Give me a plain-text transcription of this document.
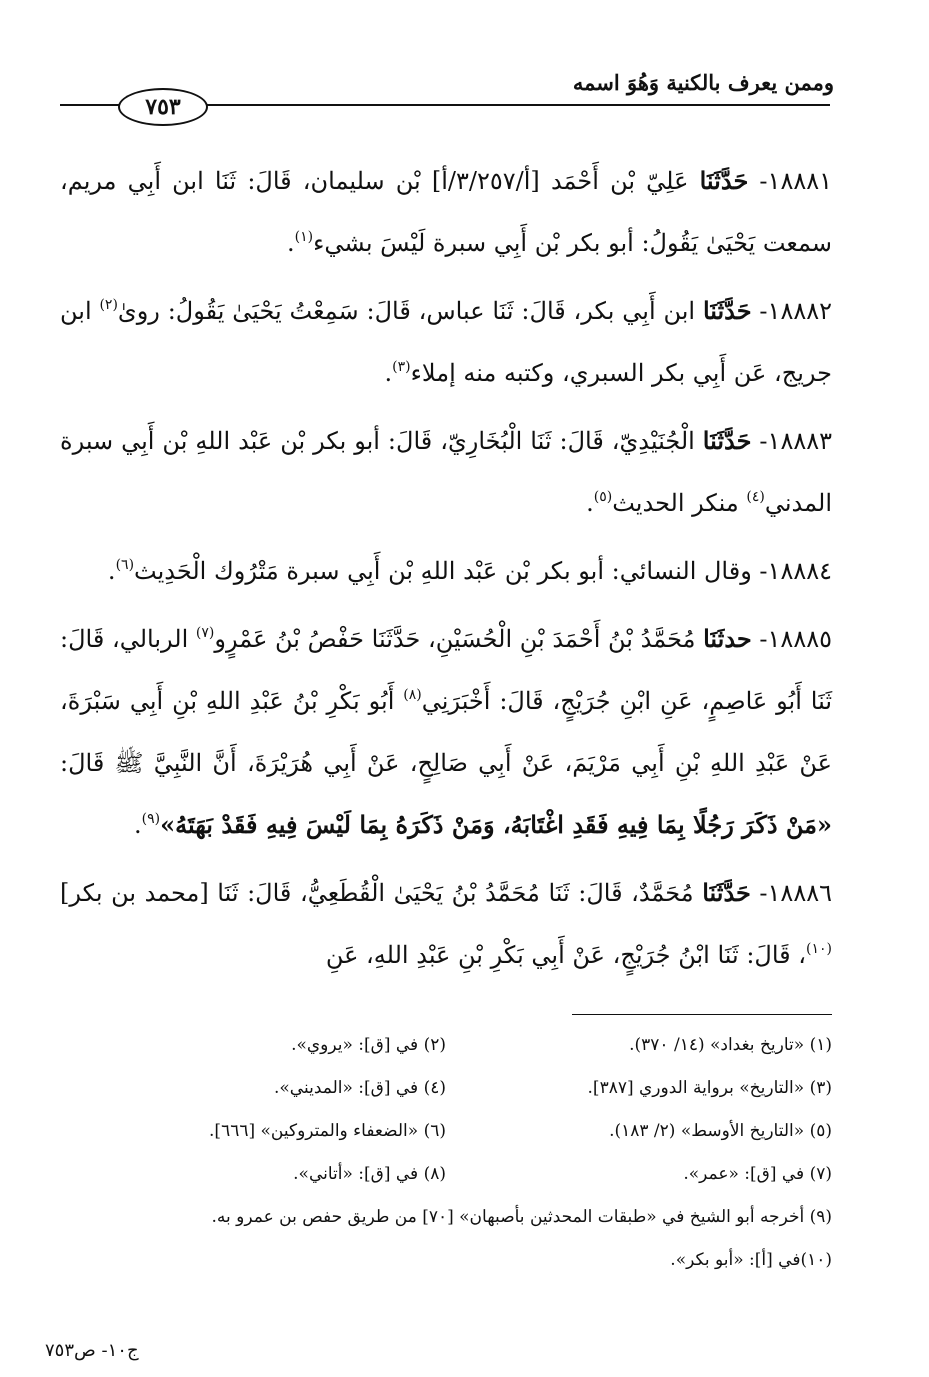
وممن يعرف بالكنية وَهُوَ اسمه
٧٥٣

١٨٨٨١- حَدَّثَنَا عَلِيّ بْن أَحْمَد [أ/٣/٢٥٧/أ] بْن سليمان، قَالَ: ثَنَا ابن أَبِي مريم، سمعت يَحْيَىٰ يَقُولُ: أبو بكر بْن أَبِي سبرة لَيْسَ بشيء$^{(١)}$.

١٨٨٨٢- حَدَّثَنَا ابن أَبِي بكر، قَالَ: ثَنَا عباس، قَالَ: سَمِعْتُ يَحْيَىٰ يَقُولُ: روىٰ$^{(٢)}$ ابن جريج، عَن أَبِي بكر السبري، وكتبه منه إملاء$^{(٣)}$.

١٨٨٨٣- حَدَّثَنَا الْجُنَيْدِيّ، قَالَ: ثَنَا الْبُخَارِيّ، قَالَ: أبو بكر بْن عَبْد اللهِ بْن أَبِي سبرة المدني$^{(٤)}$ منكر الحديث$^{(٥)}$.

١٨٨٨٤- وقال النسائي: أبو بكر بْن عَبْد اللهِ بْن أَبِي سبرة مَتْرُوك الْحَدِيث$^{(٦)}$.

١٨٨٨٥- حدثَنَا مُحَمَّدُ بْنُ أَحْمَدَ بْنِ الْحُسَيْنِ، حَدَّثَنَا حَفْصُ بْنُ عَمْرٍو$^{(٧)}$ الربالي، قَالَ: ثَنَا أَبُو عَاصِمٍ، عَنِ ابْنِ جُرَيْجٍ، قَالَ: أَخْبَرَنِي$^{(٨)}$ أَبُو بَكْرِ بْنُ عَبْدِ اللهِ بْنِ أَبِي سَبْرَةَ، عَنْ عَبْدِ اللهِ بْنِ أَبِي مَرْيَمَ، عَنْ أَبِي صَالِحٍ، عَنْ أَبِي هُرَيْرَةَ، أَنَّ النَّبِيَّ ﷺ قَالَ: «مَنْ ذَكَرَ رَجُلًا بِمَا فِيهِ فَقَدِ اغْتَابَهُ، وَمَنْ ذَكَرَهُ بِمَا لَيْسَ فِيهِ فَقَدْ بَهَتَهُ»$^{(٩)}$.

١٨٨٨٦- حَدَّثَنَا مُحَمَّدٌ، قَالَ: ثَنَا مُحَمَّدُ بْنُ يَحْيَىٰ الْقُطَعِيُّ، قَالَ: ثَنَا [محمد بن بكر]$^{(١٠)}$، قَالَ: ثَنَا ابْنُ جُرَيْجٍ، عَنْ أَبِي بَكْرِ بْنِ عَبْدِ اللهِ، عَنِ

(١) «تاريخ بغداد» (١٤/ ٣٧٠).
(٢) في [ق]: «يروي».
(٣) «التاريخ» برواية الدوري [٣٨٧].
(٤) في [ق]: «المديني».
(٥) «التاريخ الأوسط» (٢/ ١٨٣).
(٦) «الضعفاء والمتروكين» [٦٦٦].
(٧) في [ق]: «عمر».
(٨) في [ق]: «أتاني».
(٩) أخرجه أبو الشيخ في «طبقات المحدثين بأصبهان» [٧٠] من طريق حفص بن عمرو به.
(١٠)في [أ]: «أبو بكر».
ج١٠- ص٧٥٣
